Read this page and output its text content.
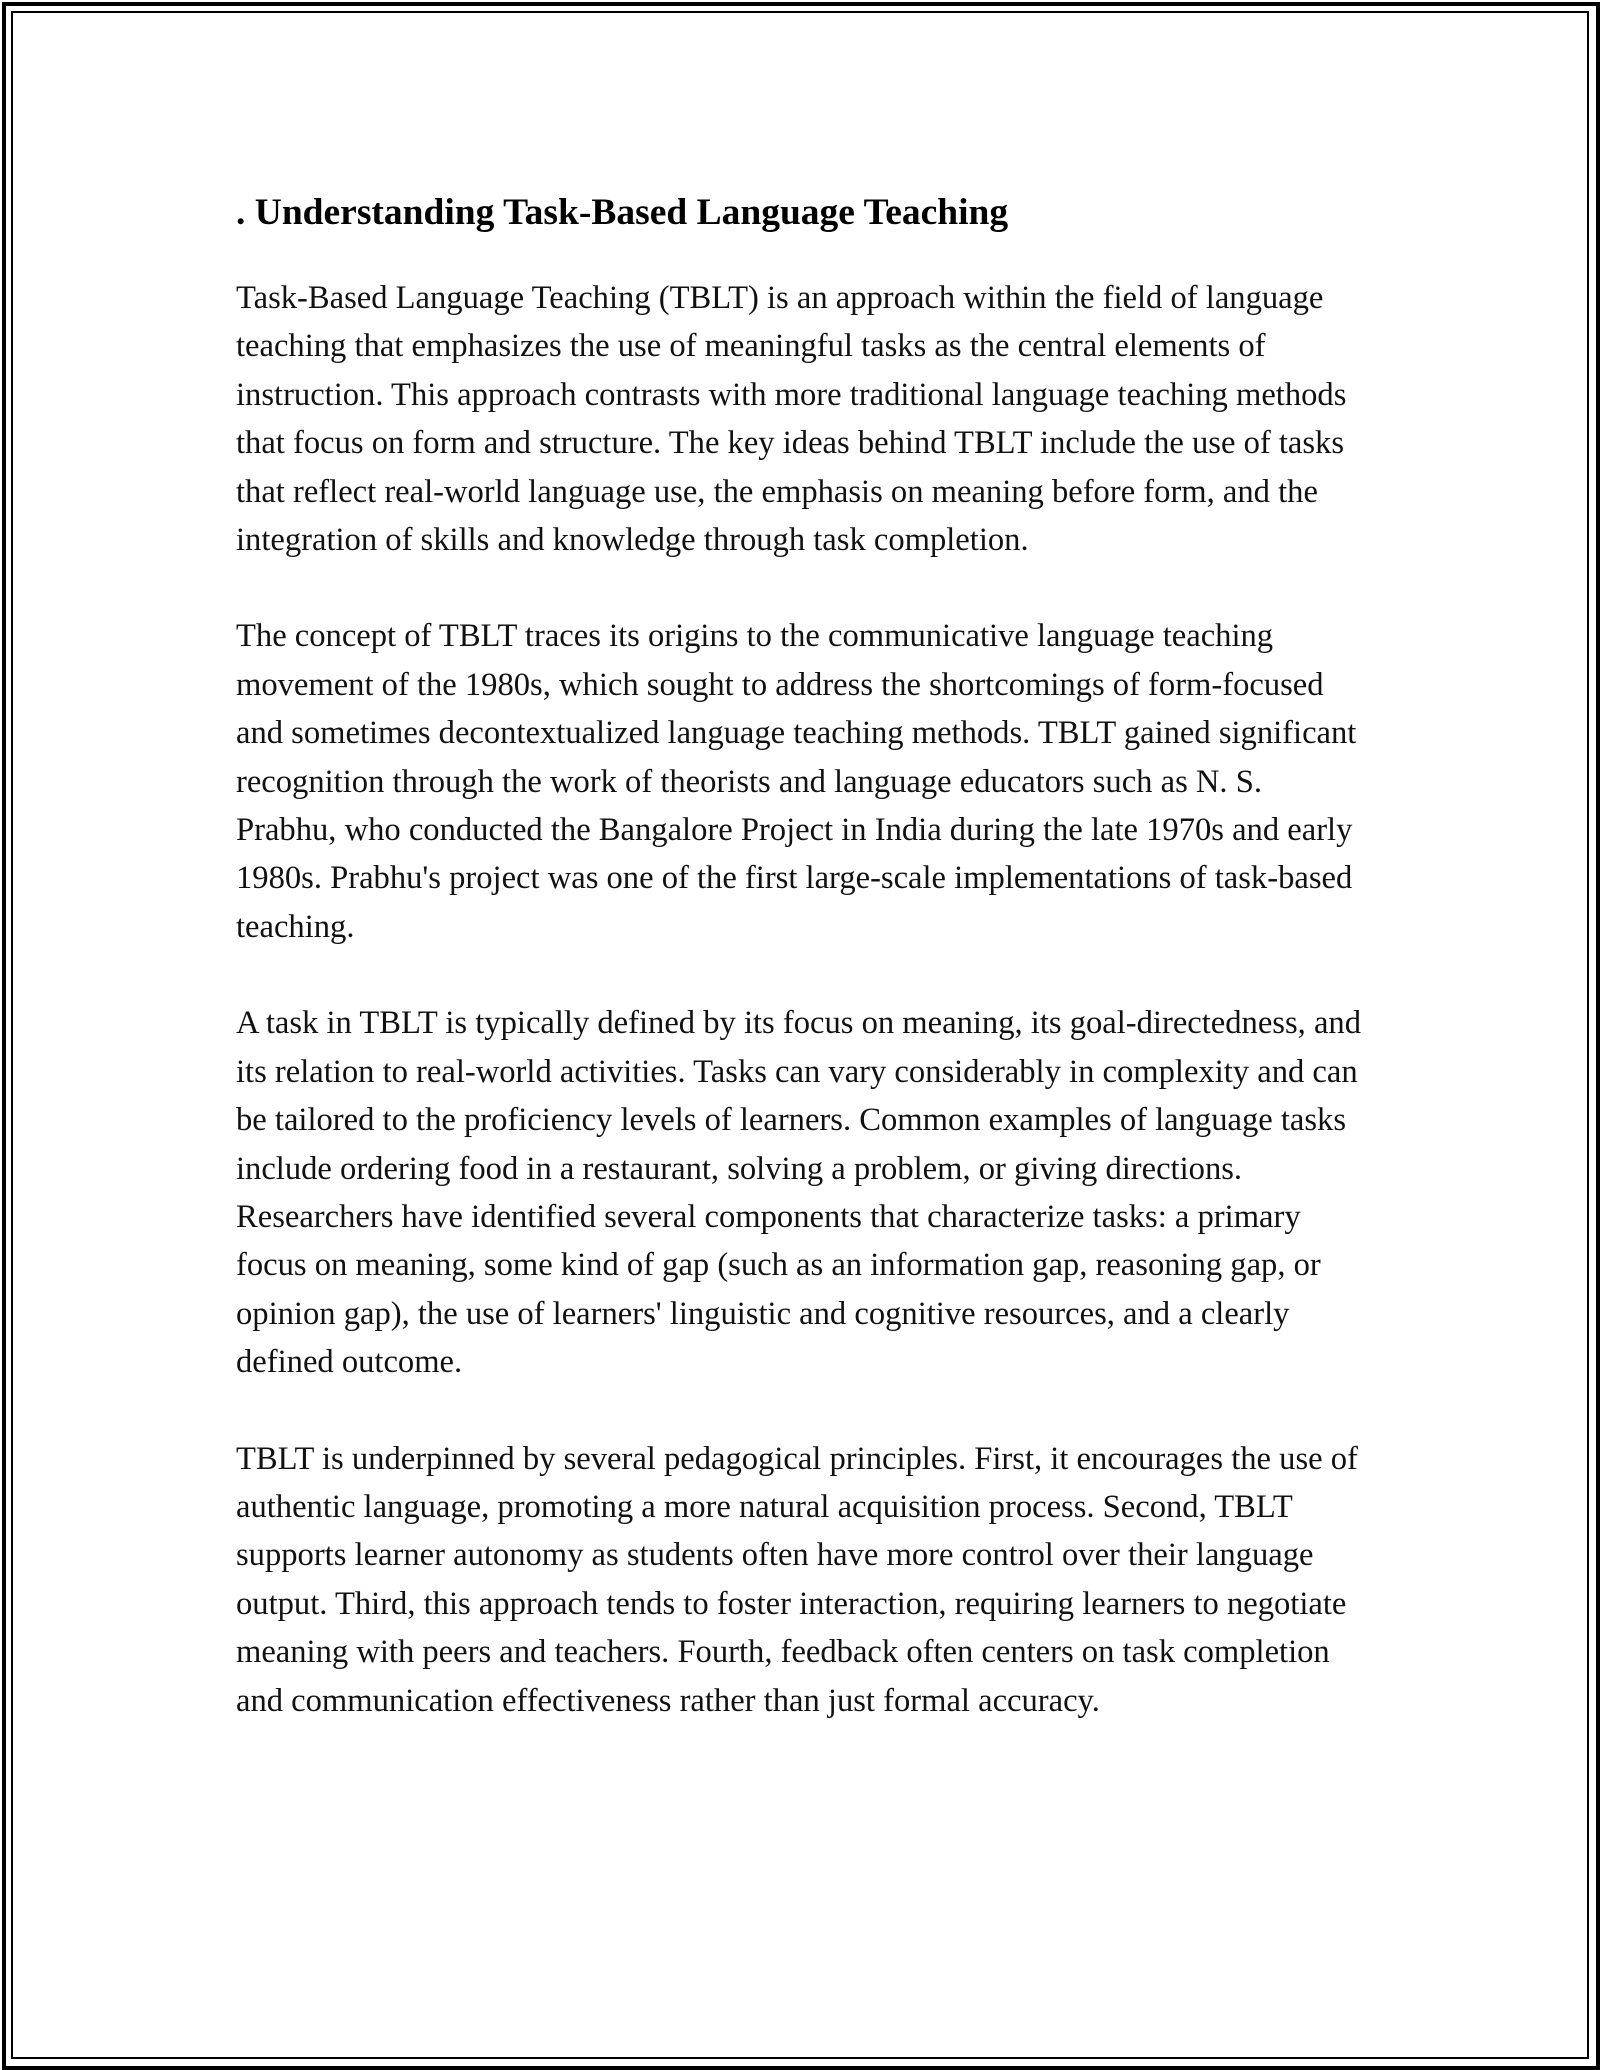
. Understanding Task-Based Language Teaching

Task-Based Language Teaching (TBLT) is an approach within the field of language teaching that emphasizes the use of meaningful tasks as the central elements of instruction. This approach contrasts with more traditional language teaching methods that focus on form and structure. The key ideas behind TBLT include the use of tasks that reflect real-world language use, the emphasis on meaning before form, and the integration of skills and knowledge through task completion.

The concept of TBLT traces its origins to the communicative language teaching movement of the 1980s, which sought to address the shortcomings of form-focused and sometimes decontextualized language teaching methods. TBLT gained significant recognition through the work of theorists and language educators such as N. S. Prabhu, who conducted the Bangalore Project in India during the late 1970s and early 1980s. Prabhu's project was one of the first large-scale implementations of task-based teaching.

A task in TBLT is typically defined by its focus on meaning, its goal-directedness, and its relation to real-world activities. Tasks can vary considerably in complexity and can be tailored to the proficiency levels of learners. Common examples of language tasks include ordering food in a restaurant, solving a problem, or giving directions. Researchers have identified several components that characterize tasks: a primary focus on meaning, some kind of gap (such as an information gap, reasoning gap, or opinion gap), the use of learners' linguistic and cognitive resources, and a clearly defined outcome.

TBLT is underpinned by several pedagogical principles. First, it encourages the use of authentic language, promoting a more natural acquisition process. Second, TBLT supports learner autonomy as students often have more control over their language output. Third, this approach tends to foster interaction, requiring learners to negotiate meaning with peers and teachers. Fourth, feedback often centers on task completion and communication effectiveness rather than just formal accuracy.
